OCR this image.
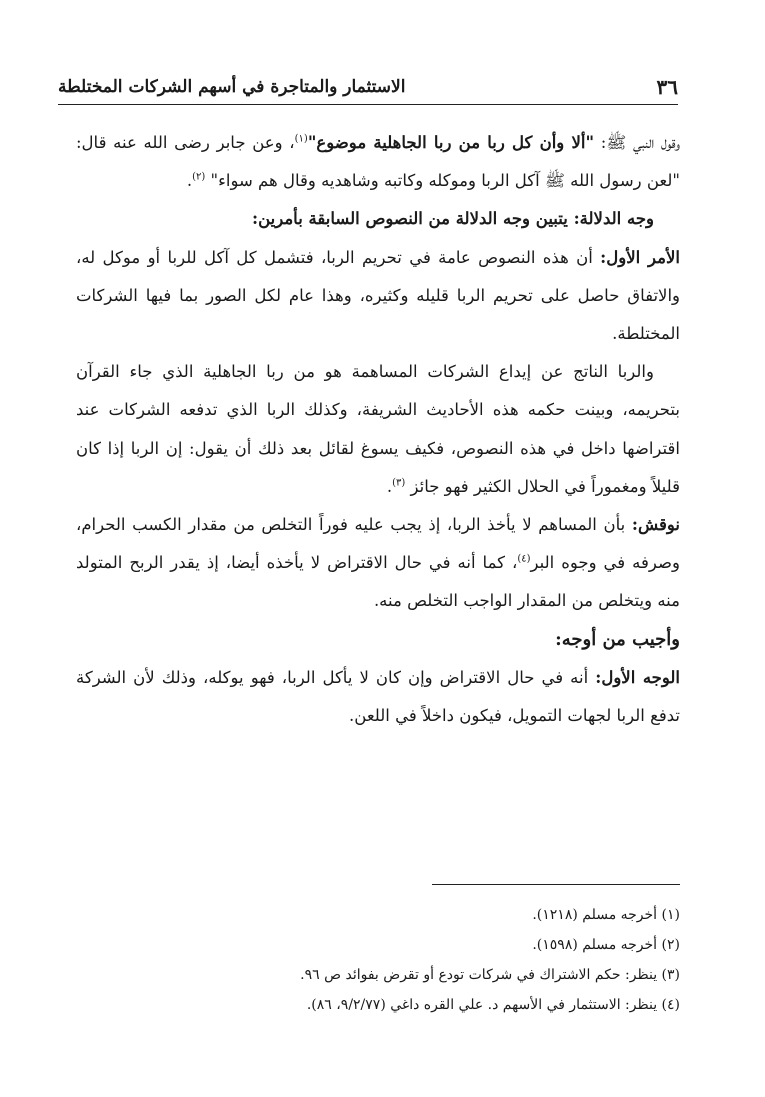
٣٦
الاستثمار والمتاجرة في أسهم الشركات المختلطة

وقول النبي ﷺ: "ألا وأن كل ربا من ربا الجاهلية موضوع"$^{(١)}$، وعن جابر رضى الله عنه قال: "لعن رسول الله ﷺ آكل الربا وموكله وكاتبه وشاهديه وقال هم سواء" $^{(٢)}$.

وجه الدلالة: يتبين وجه الدلالة من النصوص السابقة بأمرين:

الأمر الأول: أن هذه النصوص عامة في تحريم الربا، فتشمل كل آكل للربا أو موكل له، والاتفاق حاصل على تحريم الربا قليله وكثيره، وهذا عام لكل الصور بما فيها الشركات المختلطة.

والربا الناتج عن إيداع الشركات المساهمة هو من ربا الجاهلية الذي جاء القرآن بتحريمه، وبينت حكمه هذه الأحاديث الشريفة، وكذلك الربا الذي تدفعه الشركات عند اقتراضها داخل في هذه النصوص، فكيف يسوغ لقائل بعد ذلك أن يقول: إن الربا إذا كان قليلاً ومغموراً في الحلال الكثير فهو جائز $^{(٣)}$.

نوقش: بأن المساهم لا يأخذ الربا، إذ يجب عليه فوراً التخلص من مقدار الكسب الحرام، وصرفه في وجوه البر$^{(٤)}$، كما أنه في حال الاقتراض لا يأخذه أيضا، إذ يقدر الربح المتولد منه ويتخلص من المقدار الواجب التخلص منه.

وأجيب من أوجه:

الوجه الأول: أنه في حال الاقتراض وإن كان لا يأكل الربا، فهو يوكله، وذلك لأن الشركة تدفع الربا لجهات التمويل، فيكون داخلاً في اللعن.

(١) أخرجه مسلم (١٢١٨).
(٢) أخرجه مسلم (١٥٩٨).
(٣) ينظر: حكم الاشتراك في شركات تودع أو تقرض بفوائد ص ٩٦.
(٤) ينظر: الاستثمار في الأسهم د. علي القره داغي (٩/٢/٧٧، ٨٦).
